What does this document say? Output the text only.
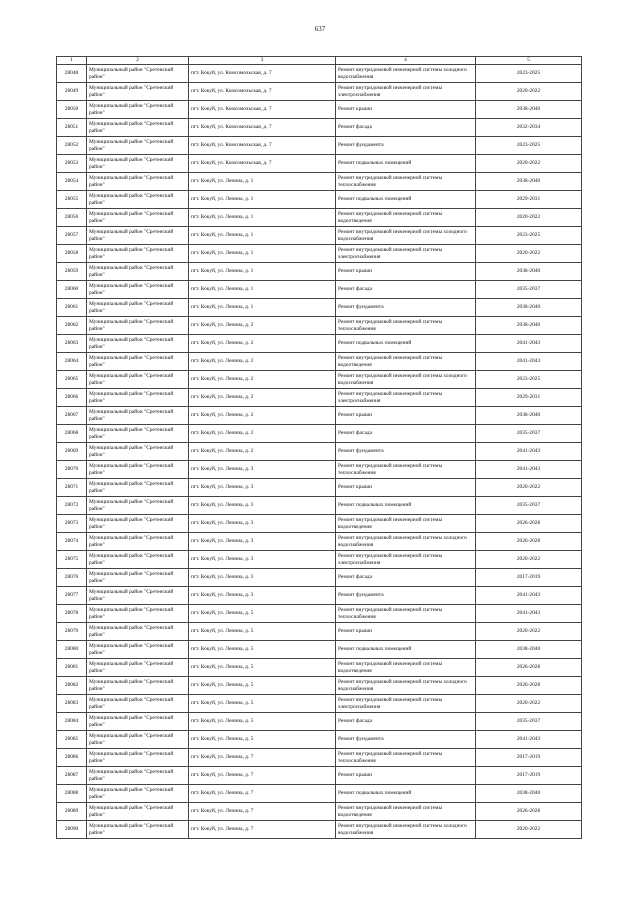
637
1	2	3	4	5
28048	Муниципальный район "Сретенский район"	пгт. Кокуй, ул. Комсомольская, д. 7	Ремонт внутридомовой инженерной системы холодного водоснабжения	2023-2025
28049	Муниципальный район "Сретенский район"	пгт. Кокуй, ул. Комсомольская, д. 7	Ремонт внутридомовой инженерной системы электроснабжения	2020-2022
28050	Муниципальный район "Сретенский район"	пгт. Кокуй, ул. Комсомольская, д. 7	Ремонт крыши	2038-2040
28051	Муниципальный район "Сретенский район"	пгт. Кокуй, ул. Комсомольская, д. 7	Ремонт фасада	2032-2034
28052	Муниципальный район "Сретенский район"	пгт. Кокуй, ул. Комсомольская, д. 7	Ремонт фундамента	2023-2025
28053	Муниципальный район "Сретенский район"	пгт. Кокуй, ул. Комсомольская, д. 7	Ремонт подвальных помещений	2020-2022
28054	Муниципальный район "Сретенский район"	пгт. Кокуй, ул. Ленина, д. 1	Ремонт внутридомовой инженерной системы теплоснабжения	2038-2040
28055	Муниципальный район "Сретенский район"	пгт. Кокуй, ул. Ленина, д. 1	Ремонт подвальных помещений	2029-2031
28056	Муниципальный район "Сретенский район"	пгт. Кокуй, ул. Ленина, д. 1	Ремонт внутридомовой инженерной системы водоотведения	2020-2022
28057	Муниципальный район "Сретенский район"	пгт. Кокуй, ул. Ленина, д. 1	Ремонт внутридомовой инженерной системы холодного водоснабжения	2023-2025
28058	Муниципальный район "Сретенский район"	пгт. Кокуй, ул. Ленина, д. 1	Ремонт внутридомовой инженерной системы электроснабжения	2020-2022
28059	Муниципальный район "Сретенский район"	пгт. Кокуй, ул. Ленина, д. 1	Ремонт крыши	2038-2040
28060	Муниципальный район "Сретенский район"	пгт. Кокуй, ул. Ленина, д. 1	Ремонт фасада	2035-2037
28061	Муниципальный район "Сретенский район"	пгт. Кокуй, ул. Ленина, д. 1	Ремонт фундамента	2038-2040
28062	Муниципальный район "Сретенский район"	пгт. Кокуй, ул. Ленина, д. 2	Ремонт внутридомовой инженерной системы теплоснабжения	2038-2040
28063	Муниципальный район "Сретенский район"	пгт. Кокуй, ул. Ленина, д. 2	Ремонт подвальных помещений	2041-2043
28064	Муниципальный район "Сретенский район"	пгт. Кокуй, ул. Ленина, д. 2	Ремонт внутридомовой инженерной системы водоотведения	2041-2043
28065	Муниципальный район "Сретенский район"	пгт. Кокуй, ул. Ленина, д. 2	Ремонт внутридомовой инженерной системы холодного водоснабжения	2023-2025
28066	Муниципальный район "Сретенский район"	пгт. Кокуй, ул. Ленина, д. 2	Ремонт внутридомовой инженерной системы электроснабжения	2029-2031
28067	Муниципальный район "Сретенский район"	пгт. Кокуй, ул. Ленина, д. 2	Ремонт крыши	2038-2040
28068	Муниципальный район "Сретенский район"	пгт. Кокуй, ул. Ленина, д. 2	Ремонт фасада	2035-2037
28069	Муниципальный район "Сретенский район"	пгт. Кокуй, ул. Ленина, д. 2	Ремонт фундамента	2041-2043
28070	Муниципальный район "Сретенский район"	пгт. Кокуй, ул. Ленина, д. 3	Ремонт внутридомовой инженерной системы теплоснабжения	2041-2043
28071	Муниципальный район "Сретенский район"	пгт. Кокуй, ул. Ленина, д. 3	Ремонт крыши	2020-2022
28072	Муниципальный район "Сретенский район"	пгт. Кокуй, ул. Ленина, д. 3	Ремонт подвальных помещений	2035-2037
28073	Муниципальный район "Сретенский район"	пгт. Кокуй, ул. Ленина, д. 3	Ремонт внутридомовой инженерной системы водоотведения	2026-2028
28074	Муниципальный район "Сретенский район"	пгт. Кокуй, ул. Ленина, д. 3	Ремонт внутридомовой инженерной системы холодного водоснабжения	2026-2028
28075	Муниципальный район "Сретенский район"	пгт. Кокуй, ул. Ленина, д. 3	Ремонт внутридомовой инженерной системы электроснабжения	2020-2022
28076	Муниципальный район "Сретенский район"	пгт. Кокуй, ул. Ленина, д. 3	Ремонт фасада	2017-2019
28077	Муниципальный район "Сретенский район"	пгт. Кокуй, ул. Ленина, д. 3	Ремонт фундамента	2041-2043
28078	Муниципальный район "Сретенский район"	пгт. Кокуй, ул. Ленина, д. 5	Ремонт внутридомовой инженерной системы теплоснабжения	2041-2043
28079	Муниципальный район "Сретенский район"	пгт. Кокуй, ул. Ленина, д. 5	Ремонт крыши	2020-2022
28080	Муниципальный район "Сретенский район"	пгт. Кокуй, ул. Ленина, д. 5	Ремонт подвальных помещений	2038-2040
28081	Муниципальный район "Сретенский район"	пгт. Кокуй, ул. Ленина, д. 5	Ремонт внутридомовой инженерной системы водоотведения	2026-2028
28082	Муниципальный район "Сретенский район"	пгт. Кокуй, ул. Ленина, д. 5	Ремонт внутридомовой инженерной системы холодного водоснабжения	2026-2028
28083	Муниципальный район "Сретенский район"	пгт. Кокуй, ул. Ленина, д. 5	Ремонт внутридомовой инженерной системы электроснабжения	2020-2022
28084	Муниципальный район "Сретенский район"	пгт. Кокуй, ул. Ленина, д. 5	Ремонт фасада	2035-2037
28085	Муниципальный район "Сретенский район"	пгт. Кокуй, ул. Ленина, д. 5	Ремонт фундамента	2041-2043
28086	Муниципальный район "Сретенский район"	пгт. Кокуй, ул. Ленина, д. 7	Ремонт внутридомовой инженерной системы теплоснабжения	2017-2019
28087	Муниципальный район "Сретенский район"	пгт. Кокуй, ул. Ленина, д. 7	Ремонт крыши	2017-2019
28088	Муниципальный район "Сретенский район"	пгт. Кокуй, ул. Ленина, д. 7	Ремонт подвальных помещений	2038-2040
28089	Муниципальный район "Сретенский район"	пгт. Кокуй, ул. Ленина, д. 7	Ремонт внутридомовой инженерной системы водоотведения	2026-2028
28090	Муниципальный район "Сретенский район"	пгт. Кокуй, ул. Ленина, д. 7	Ремонт внутридомовой инженерной системы холодного водоснабжения	2020-2022
